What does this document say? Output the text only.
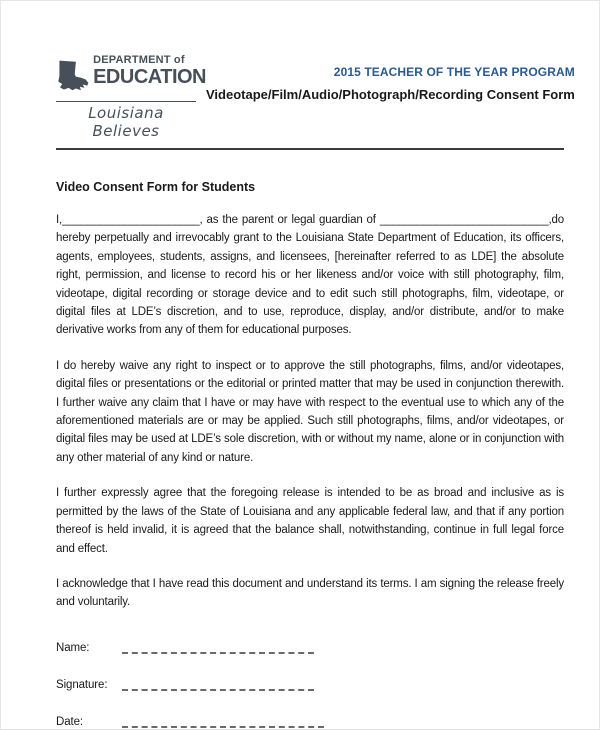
DEPARTMENT of
EDUCATION
Louisiana Believes
2015 TEACHER OF THE YEAR PROGRAM
Videotape/Film/Audio/Photograph/Recording Consent Form
Video Consent Form for Students

I,______________________, as the parent or legal guardian of ___________________________,do hereby perpetually and irrevocably grant to the Louisiana State Department of Education, its officers, agents, employees, students, assigns, and licensees, [hereinafter referred to as LDE] the absolute right, permission, and license to record his or her likeness and/or voice with still photography, film, videotape, digital recording or storage device and to edit such still photographs, film, videotape, or digital files at LDE’s discretion, and to use, reproduce, display, and/or distribute, and/or to make derivative works from any of them for educational purposes.

I do hereby waive any right to inspect or to approve the still photographs, films, and/or videotapes, digital files or presentations or the editorial or printed matter that may be used in conjunction therewith. I further waive any claim that I have or may have with respect to the eventual use to which any of the aforementioned materials are or may be applied. Such still photographs, films, and/or videotapes, or digital files may be used at LDE’s sole discretion, with or without my name, alone or in conjunction with any other material of any kind or nature.

I further expressly agree that the foregoing release is intended to be as broad and inclusive as is permitted by the laws of the State of Louisiana and any applicable federal law, and that if any portion thereof is held invalid, it is agreed that the balance shall, notwithstanding, continue in full legal force and effect.

I acknowledge that I have read this document and understand its terms. I am signing the release freely and voluntarily.

Name:
Signature:
Date:
